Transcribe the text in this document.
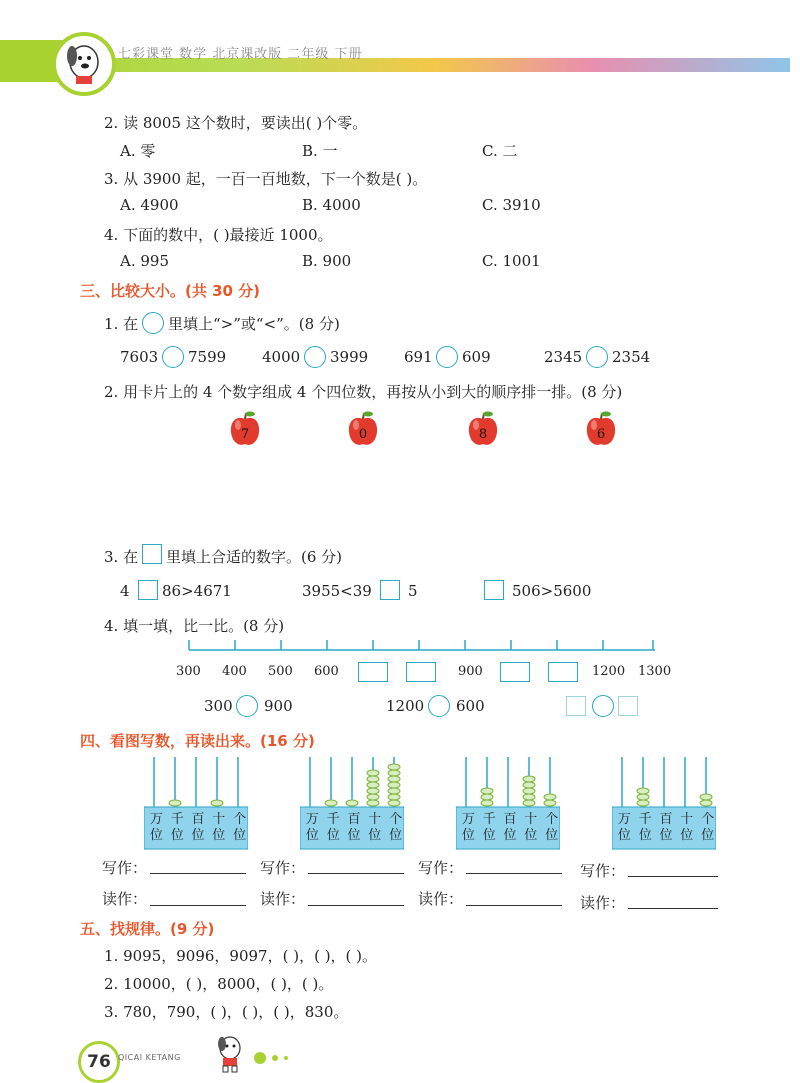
七彩课堂 数学 北京课改版 二年级 下册
2. 读 8005 这个数时，要读出( )个零。
A. 零	B. 一	C. 二
3. 从 3900 起，一百一百地数，下一个数是( )。
A. 4900	B. 4000	C. 3910
4. 下面的数中，( )最接近 1000。
A. 995	B. 900	C. 1001
三、比较大小。(共 30 分)
1. 在 里填上“>”或“<”。(8 分)
7603 7599 4000 3999 691 609	2345 2354
2. 用卡片上的 4 个数字组成 4 个四位数，再按从小到大的顺序排一排。(8 分)
7	0	8	6
3. 在 里填上合适的数字。(6 分)
4 86>4671	3955<39 5	506>5600
4. 填一填，比一比。(8 分)
300 400 500 600	900	1200 1300
300 900	1200 600
四、看图写数，再读出来。(16 分)
万
位
千
位
百
位
十
位
个
位
万
位
千
位
百
位
十
位
个
位
万
位
千
位
百
位
十
位
个
位
万
位
千
位
百
位
十
位
个
位
写作：	写作：	写作：	写作：
读作：	读作：	读作：	读作：
五、找规律。(9 分)
1. 9095，9096，9097，( )，( )，( )。
2. 10000，( )，8000，( )，( )。
3. 780，790，( )，( )，( )，830。
76 QICAI KETANG
